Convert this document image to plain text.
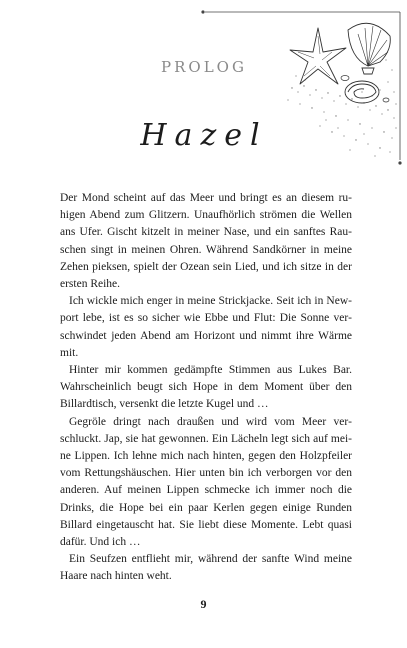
PROLOG
Hazel

Der Mond scheint auf das Meer und bringt es an diesem ruhigen Abend zum Glitzern. Unaufhörlich strömen die Wellen ans Ufer. Gischt kitzelt in meiner Nase, und ein sanftes Rauschen singt in meinen Ohren. Während Sandkörner in meine Zehen pieksen, spielt der Ozean sein Lied, und ich sitze in der ersten Reihe.

Ich wickle mich enger in meine Strickjacke. Seit ich in Newport lebe, ist es so sicher wie Ebbe und Flut: Die Sonne verschwindet jeden Abend am Horizont und nimmt ihre Wärme mit.

Hinter mir kommen gedämpfte Stimmen aus Lukes Bar. Wahrscheinlich beugt sich Hope in dem Moment über den Billardtisch, versenkt die letzte Kugel und …

Gegröle dringt nach draußen und wird vom Meer verschluckt. Jap, sie hat gewonnen. Ein Lächeln legt sich auf meine Lippen. Ich lehne mich nach hinten, gegen den Holzpfeiler vom Rettungshäuschen. Hier unten bin ich verborgen vor den anderen. Auf meinen Lippen schmecke ich immer noch die Drinks, die Hope bei ein paar Kerlen gegen einige Runden Billard eingetauscht hat. Sie liebt diese Momente. Lebt quasi dafür. Und ich …

Ein Seufzen entflieht mir, während der sanfte Wind meine Haare nach hinten weht.

9
